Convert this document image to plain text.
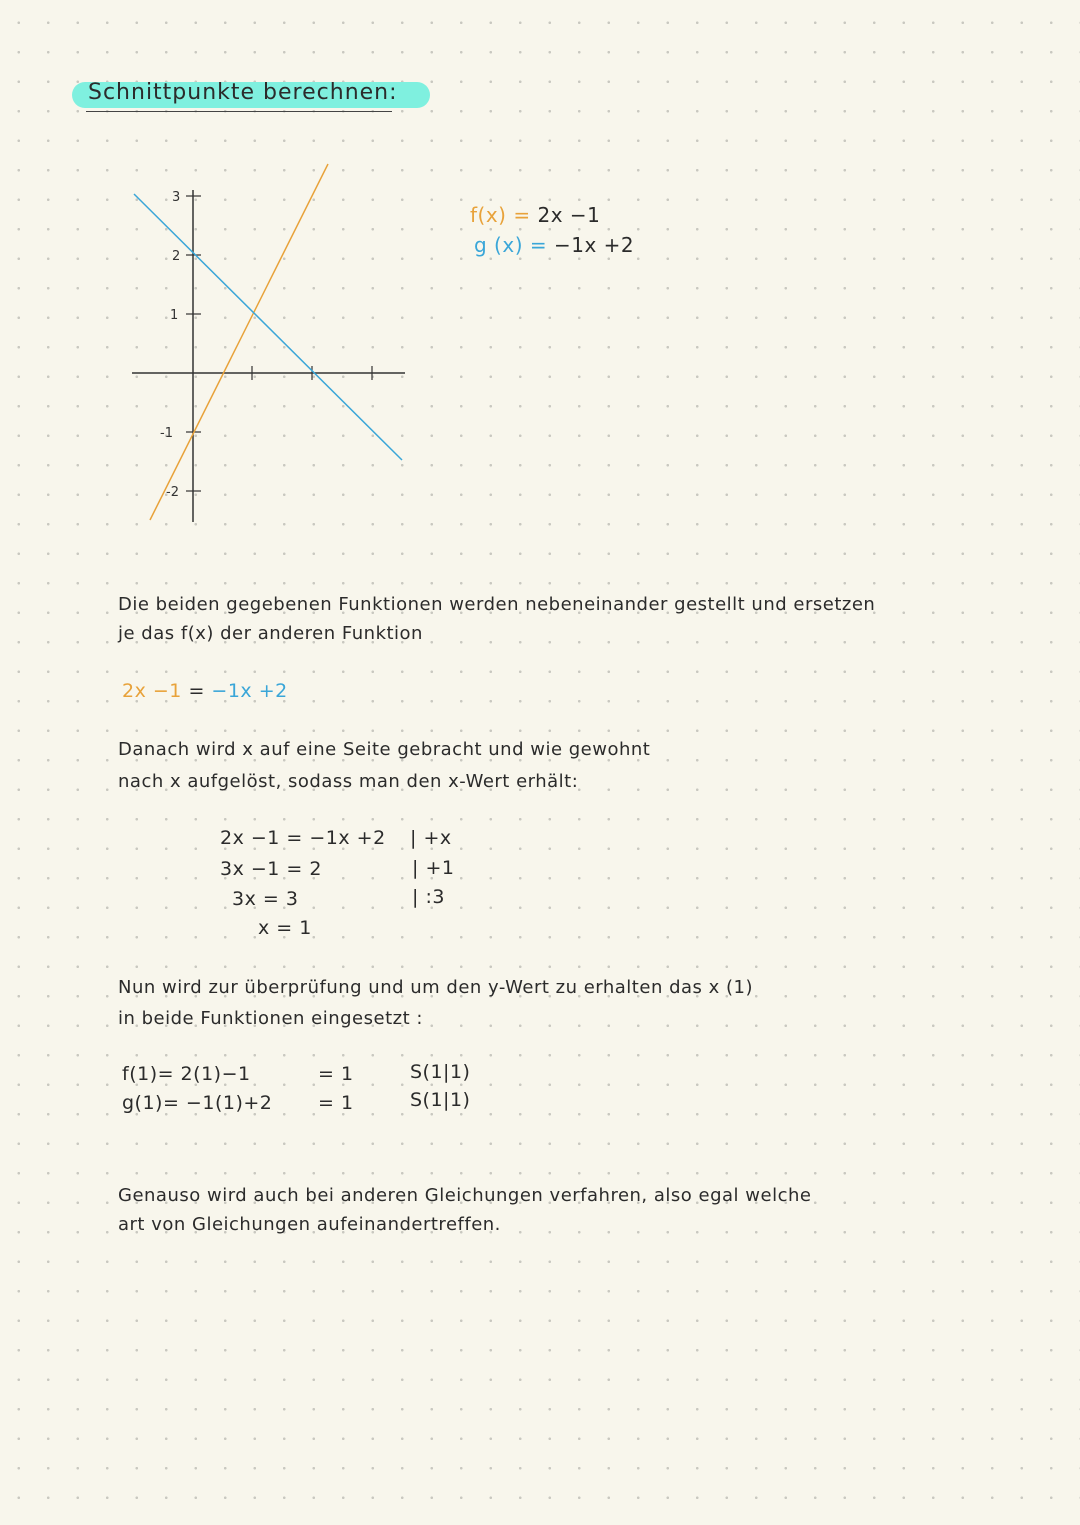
Schnittpunkte berechnen:
3
2
1
-1
-2
f(x) = 2x −1
g (x) = −1x +2
Die beiden gegebenen Funktionen werden nebeneinander gestellt und ersetzen
je das f(x) der anderen Funktion
2x −1 = −1x +2
Danach wird x auf eine Seite gebracht und wie gewohnt
nach x aufgelöst, sodass man den x-Wert erhält:
2x −1 = −1x +2
3x −1 = 2
3x = 3
x = 1
| +x
| +1
| :3
Nun wird zur überprüfung und um den y-Wert zu erhalten das x (1)
in beide Funktionen eingesetzt :
f(1)= 2(1)−1
g(1)= −1(1)+2
= 1
= 1
S(1|1)
S(1|1)
Genauso wird auch bei anderen Gleichungen verfahren, also egal welche
art von Gleichungen aufeinandertreffen.
